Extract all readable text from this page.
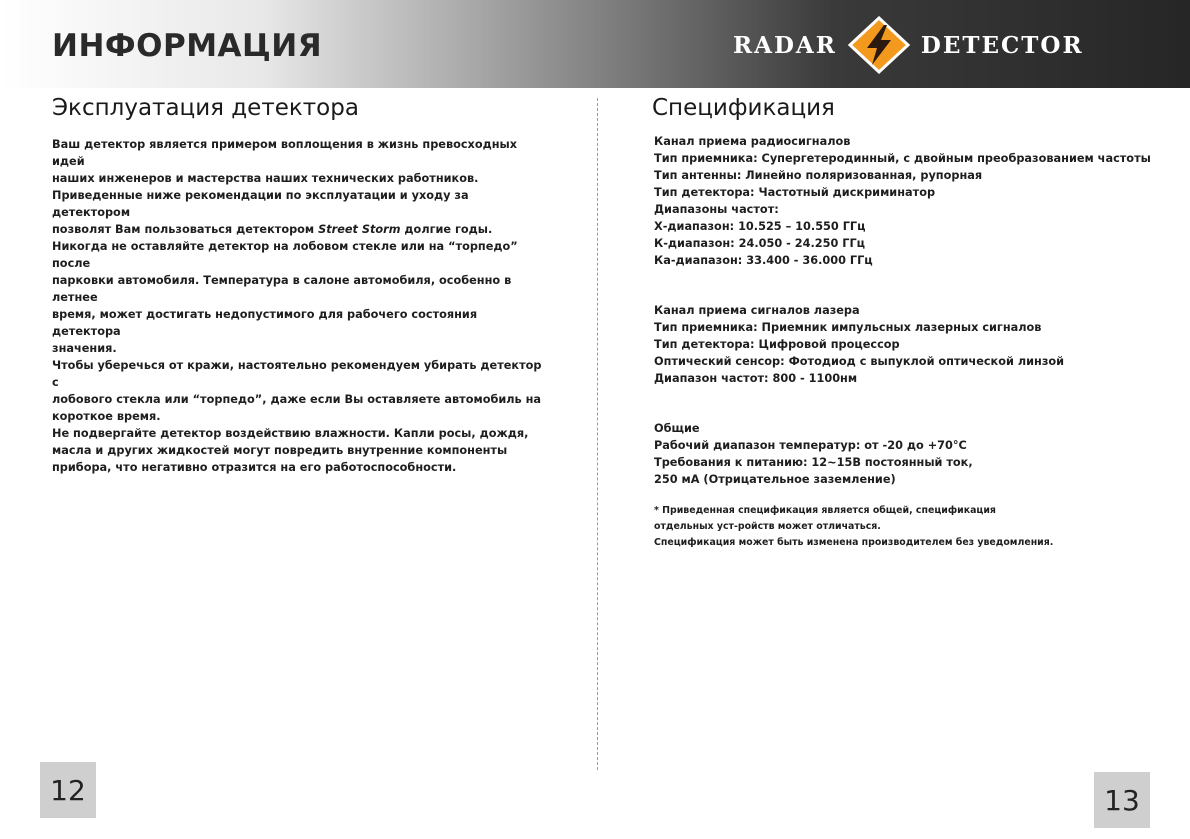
ИНФОРМАЦИЯ	RADAR	DETECTOR
Эксплуатация детектора

Ваш детектор является примером воплощения в жизнь превосходных идей
наших инженеров и мастерства наших технических работников.

Приведенные ниже рекомендации по эксплуатации и уходу за детектором
позволят Вам пользоваться детектором Street Storm долгие годы.

Никогда не оставляйте детектор на лобовом стекле или на “торпедо” после
парковки автомобиля. Температура в салоне автомобиля, особенно в летнее
время, может достигать недопустимого для рабочего состояния детектора
значения.

Чтобы уберечься от кражи, настоятельно рекомендуем убирать детектор с
лобового стекла или “торпедо”, даже если Вы оставляете автомобиль на
короткое время.

Не подвергайте детектор воздействию влажности. Капли росы, дождя,
масла и других жидкостей могут повредить внутренние компоненты
прибора, что негативно отразится на его работоспособности.

Спецификация
Канал приема радиосигналов
Тип приемника: Супергетеродинный, с двойным преобразованием частоты
Тип антенны: Линейно поляризованная, рупорная
Тип детектора: Частотный дискриминатор
Диапазоны частот:
Х-диапазон: 10.525 – 10.550 ГГц
К-диапазон: 24.050 - 24.250 ГГц
Ка-диапазон: 33.400 - 36.000 ГГц
Канал приема сигналов лазера
Тип приемника: Приемник импульсных лазерных сигналов
Тип детектора: Цифровой процессор
Оптический сенсор: Фотодиод с выпуклой оптической линзой
Диапазон частот: 800 - 1100нм
Общие
Рабочий диапазон температур: от -20 до +70°С
Требования к питанию: 12~15В постоянный ток,
250 мА (Отрицательное заземление)
* Приведенная спецификация является общей, спецификация
отдельных уст-ройств может отличаться.
Спецификация может быть изменена производителем без уведомления.
12	13
